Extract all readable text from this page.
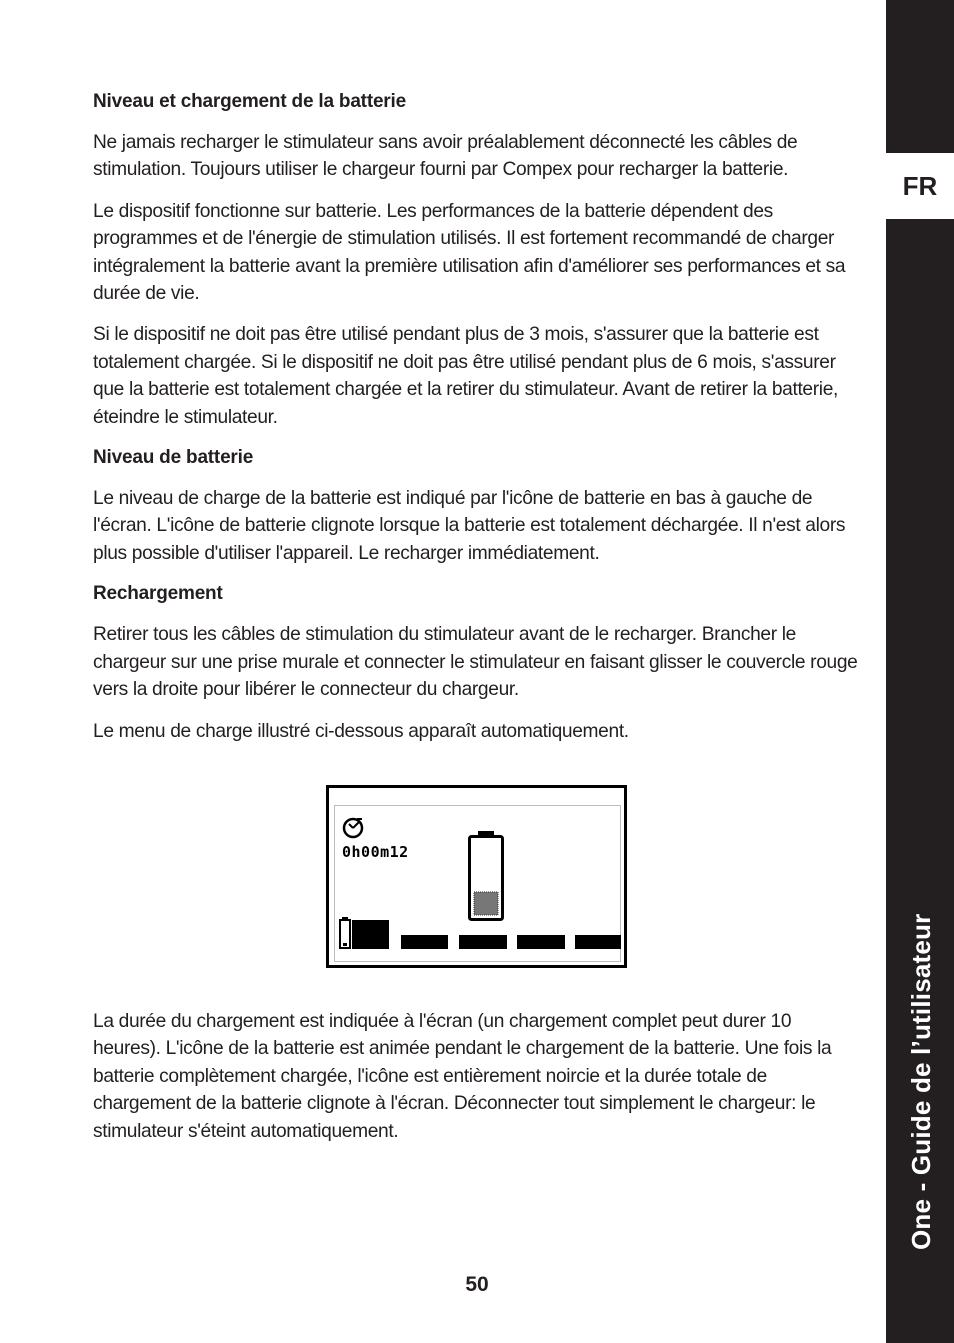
Niveau et chargement de la batterie

Ne jamais recharger le stimulateur sans avoir préalablement déconnecté les câbles de stimulation. Toujours utiliser le chargeur fourni par Compex pour recharger la batterie.

Le dispositif fonctionne sur batterie. Les performances de la batterie dépendent des programmes et de l'énergie de stimulation utilisés. Il est fortement recommandé de charger intégralement la batterie avant la première utilisation afin d'améliorer ses performances et sa durée de vie.

Si le dispositif ne doit pas être utilisé pendant plus de 3 mois, s'assurer que la batterie est totalement chargée. Si le dispositif ne doit pas être utilisé pendant plus de 6 mois, s'assurer que la batterie est totalement chargée et la retirer du stimulateur. Avant de retirer la batterie, éteindre le stimulateur.

Niveau de batterie

Le niveau de charge de la batterie est indiqué par l'icône de batterie en bas à gauche de l'écran. L'icône de batterie clignote lorsque la batterie est totalement déchargée. Il n'est alors plus possible d'utiliser l'appareil. Le recharger immédiatement.

Rechargement

Retirer tous les câbles de stimulation du stimulateur avant de le recharger. Brancher le chargeur sur une prise murale et connecter le stimulateur en faisant glisser le couvercle rouge vers la droite pour libérer le connecteur du chargeur.

Le menu de charge illustré ci-dessous apparaît automatiquement.

0h00m12

La durée du chargement est indiquée à l'écran (un chargement complet peut durer 10 heures). L'icône de la batterie est animée pendant le chargement de la batterie. Une fois la batterie complètement chargée, l'icône est entièrement noircie et la durée totale de chargement de la batterie clignote à l'écran. Déconnecter tout simplement le chargeur: le stimulateur s'éteint automatiquement.

50
FR
One - Guide de l’utilisateur
